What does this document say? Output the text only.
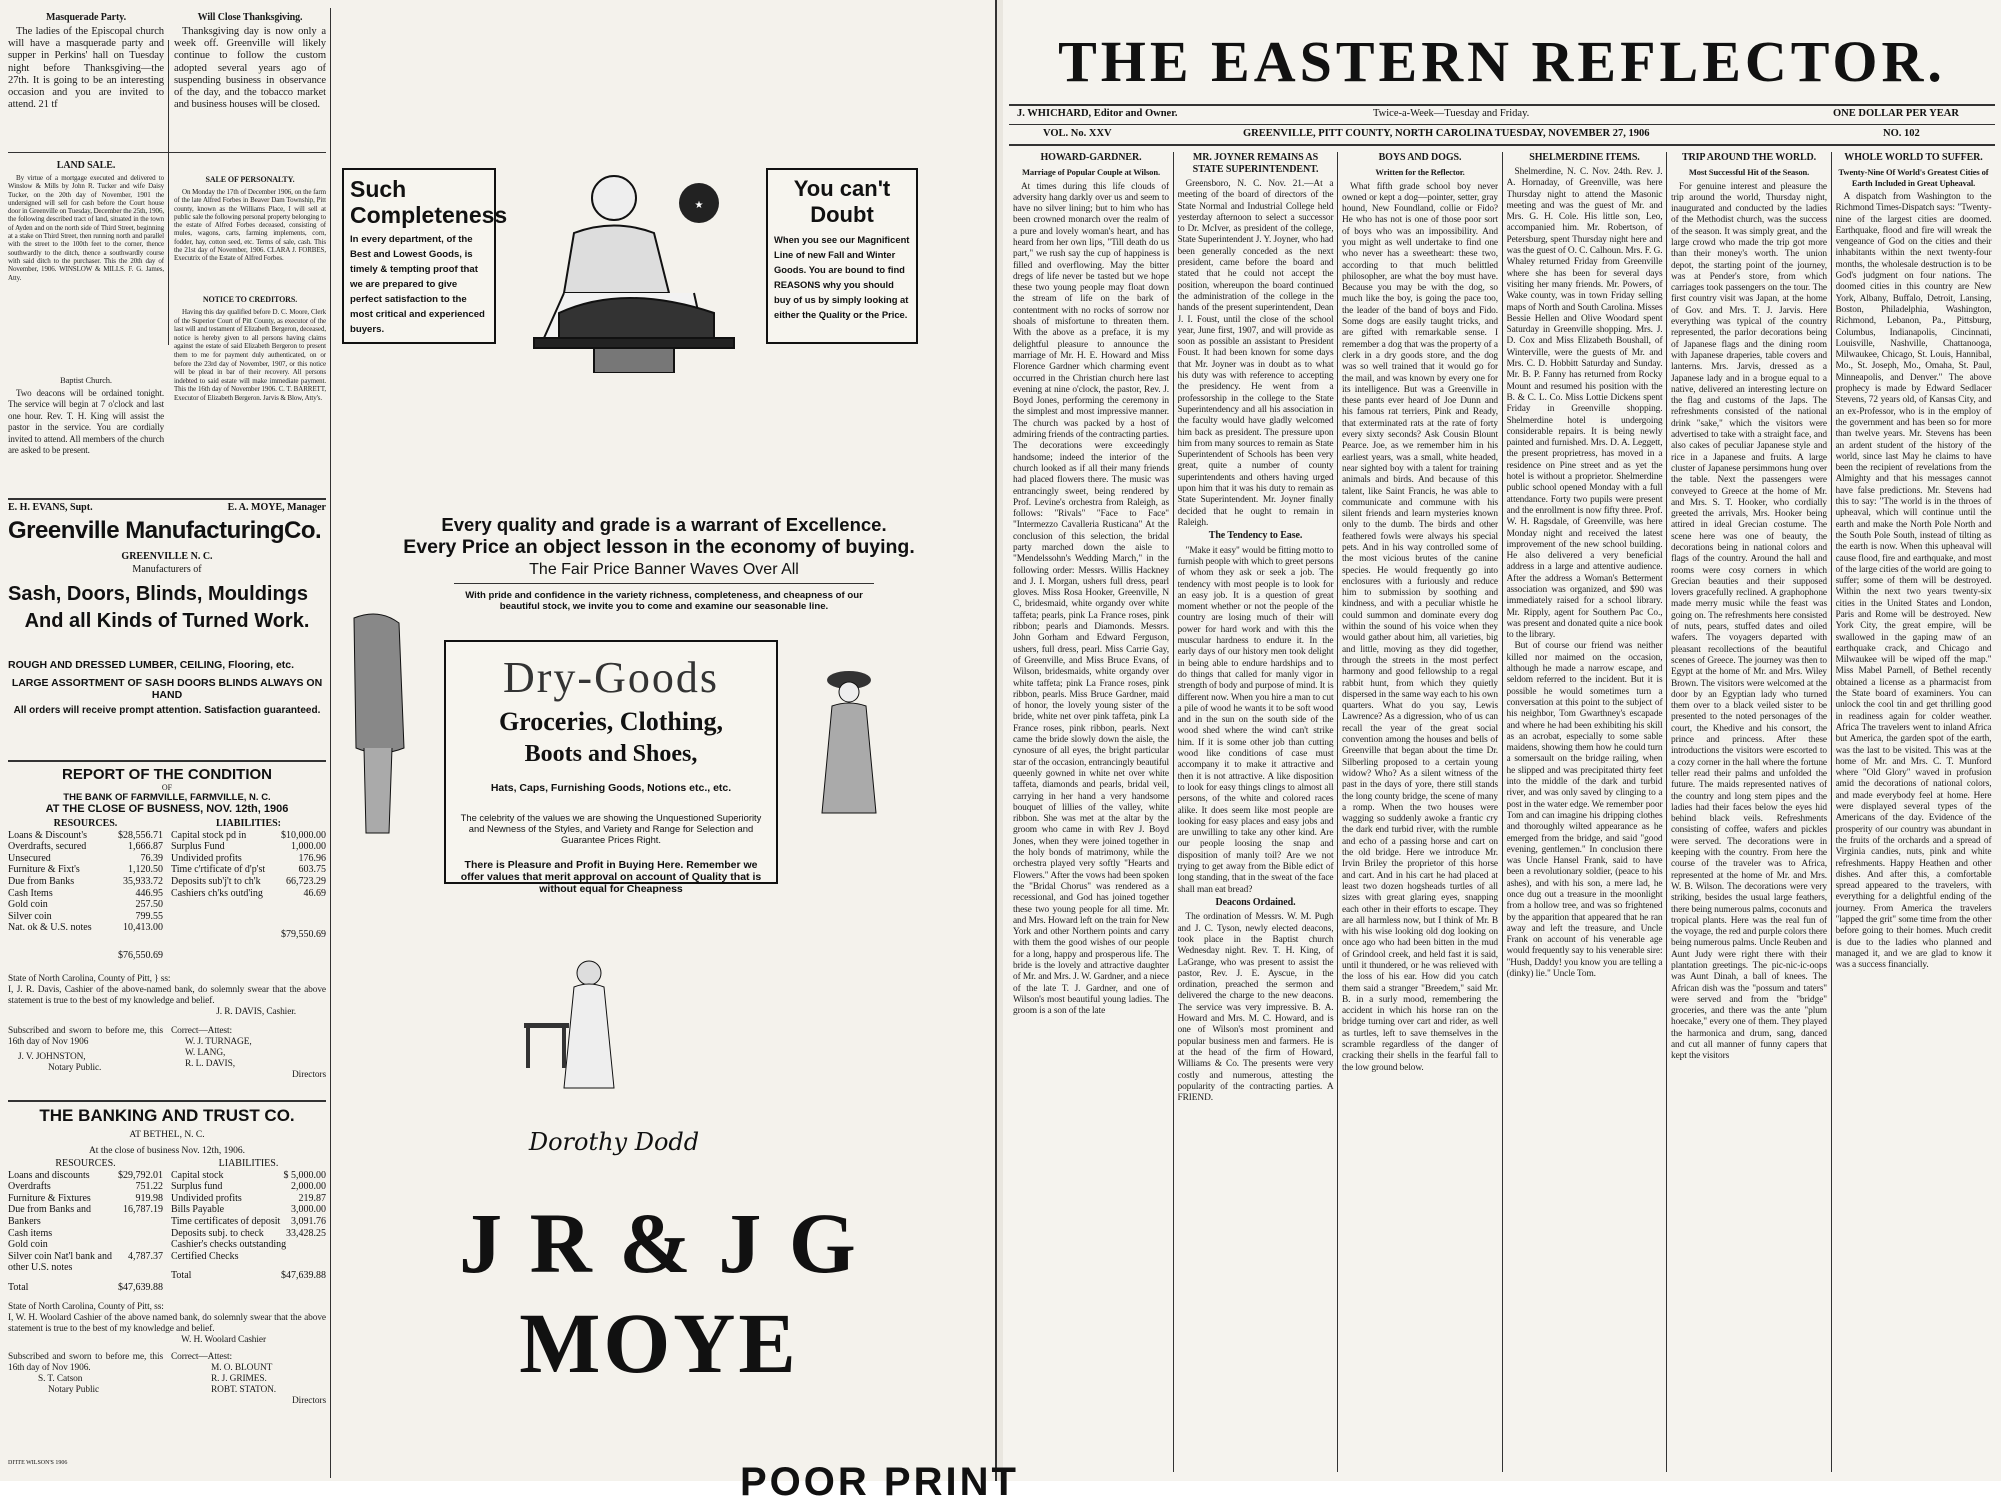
Masquerade Party.

The ladies of the Episcopal church will have a masquerade party and supper in Perkins' hall on Tuesday night before Thanksgiving—the 27th. It is going to be an interesting occasion and you are invited to attend. 21 tf

Will Close Thanksgiving.

Thanksgiving day is now only a week off. Greenville will likely continue to follow the custom adopted several years ago of suspending business in observance of the day, and the tobacco market and business houses will be closed.

LAND SALE.

By virtue of a mortgage executed and delivered to Winslow & Mills by John R. Tucker and wife Daisy Tucker, on the 20th day of November, 1901 the undersigned will sell for cash before the Court house door in Greenville on Tuesday, December the 25th, 1906, the following described tract of land, situated in the town of Ayden and on the north side of Third Street, beginning at a stake on Third Street, then running north and parallel with the street to the 100th feet to the corner, thence southwardly to the ditch, thence a southwardly course with said ditch to the purchaser. This the 20th day of November, 1906. WINSLOW & MILLS. F. G. James, Atty.

SALE OF PERSONALTY.

On Monday the 17th of December 1906, on the farm of the late Alfred Forbes in Beaver Dam Township, Pitt county, known as the Williams Place, I will sell at public sale the following personal property belonging to the estate of Alfred Forbes deceased, consisting of mules, wagons, carts, farming implements, corn, fodder, hay, cotton seed, etc. Terms of sale, cash. This the 21st day of November, 1906. CLARA J. FORBES, Executrix of the Estate of Alfred Forbes.

NOTICE TO CREDITORS.

Having this day qualified before D. C. Moore, Clerk of the Superior Court of Pitt County, as executor of the last will and testament of Elizabeth Bergeron, deceased, notice is hereby given to all persons having claims against the estate of said Elizabeth Bergeron to present them to me for payment duly authenticated, on or before the 23rd day of November, 1907, or this notice will be plead in bar of their recovery. All persons indebted to said estate will make immediate payment. This the 16th day of November 1906. C. T. BARRETT, Executor of Elizabeth Bergeron. Jarvis & Blow, Atty's.

Baptist Church.

Two deacons will be ordained tonight. The service will begin at 7 o'clock and last one hour. Rev. T. H. King will assist the pastor in the service. You are cordially invited to attend. All members of the church are asked to be present.

E. H. EVANS, Supt.	E. A. MOYE, Manager
Greenville ManufacturingCo.
GREENVILLE N. C.
Manufacturers of
Sash, Doors, Blinds, Mouldings
And all Kinds of Turned Work.
ROUGH AND DRESSED LUMBER, CEILING, Flooring, etc.
LARGE ASSORTMENT OF SASH DOORS BLINDS ALWAYS ON HAND
All orders will receive prompt attention. Satisfaction guaranteed.
REPORT OF THE CONDITION
OF
THE BANK OF FARMVILLE, FARMVILLE, N. C.
AT THE CLOSE OF BUSNESS, NOV. 12th, 1906
RESOURCES.
Loans & Discount's	$28,556.71
Overdrafts, secured	1,666.87
Unsecured	76.39
Furniture & Fixt's	1,120.50
Due from Banks	35,933.72
Cash Items	446.95
Gold coin	257.50
Silver coin	799.55
Nat. ok & U.S. notes	10,413.00
$76,550.69
LIABILITIES:
Capital stock pd in	$10,000.00
Surplus Fund	1,000.00
Undivided profits	176.96
Time c'rtificate of d'p'st	603.75
Deposits sub'j't to ch'k	66,723.29
Cashiers ch'ks outd'ing	46.69
$79,550.69
State of North Carolina, County of Pitt, } ss:
I, J. R. Davis, Cashier of the above-named bank, do solemnly swear that the above statement is true to the best of my knowledge and belief.
J. R. DAVIS, Cashier.
Subscribed and sworn to before me, this 16th day of Nov 1906
J. V. JOHNSTON,
Notary Public.
Correct—Attest:
W. J. TURNAGE,
W. LANG,
R. L. DAVIS,
Directors
THE BANKING AND TRUST CO.
AT BETHEL, N. C.
At the close of business Nov. 12th, 1906.
RESOURCES.
Loans and discounts	$29,792.01
Overdrafts	751.22
Furniture & Fixtures	919.98
Due from Banks and Bankers
16,787.19
Cash items
Gold coin
Silver coin Nat'l bank and other U.S. notes
4,787.37
Total	$47,639.88
LIABILITIES.
Capital stock	$ 5,000.00
Surplus fund	2,000.00
Undivided profits	219.87
Bills Payable	3,000.00
Time certificates of deposit 3,091.76
Deposits subj. to check 33,428.25
Cashier's checks outstanding
Certified Checks
Total	$47,639.88
State of North Carolina, County of Pitt, ss:
I, W. H. Woolard Cashier of the above named bank, do solemnly swear that the above statement is true to the best of my knowledge and belief.
W. H. Woolard Cashier
Subscribed and sworn to before me, this 16th day of Nov 1906.
S. T. Catson
Notary Public
Correct—Attest:
M. O. BLOUNT
R. J. GRIMES.
ROBT. STATON.
Directors
DI'ITE WILSON'S 1906
Such Completeness
In every department, of the Best and Lowest Goods, is timely & tempting proof that we are prepared to give perfect satisfaction to the most critical and experienced buyers.
★
You can't Doubt
When you see our Magnificent Line of new Fall and Winter Goods. You are bound to find REASONS why you should buy of us by simply looking at either the Quality or the Price.
Every quality and grade is a warrant of Excellence.
Every Price an object lesson in the economy of buying.
The Fair Price Banner Waves Over All
With pride and confidence in the variety richness, completeness, and cheapness of our beautiful stock, we invite you to come and examine our seasonable line.
Dry-Goods
Groceries, Clothing,
Boots and Shoes,
Hats, Caps, Furnishing Goods, Notions etc., etc.
The celebrity of the values we are showing the Unquestioned Superiority and Newness of the Styles, and Variety and Range for Selection and Guarantee Prices Right.
There is Pleasure and Profit in Buying Here. Remember we offer values that merit approval on account of Quality that is without equal for Cheapness
Dorothy Dodd
J R & J G MOYE
THE EASTERN REFLECTOR.
J. WHICHARD, Editor and Owner.	Twice-a-Week—Tuesday and Friday.	ONE DOLLAR PER YEAR
VOL. No. XXV	GREENVILLE, PITT COUNTY, NORTH CAROLINA TUESDAY, NOVEMBER 27, 1906	NO. 102
HOWARD-GARDNER.
Marriage of Popular Couple at Wilson.

At times during this life clouds of adversity hang darkly over us and seem to have no silver lining; but to him who has been crowned monarch over the realm of a pure and lovely woman's heart, and has heard from her own lips, "Till death do us part," we rush say the cup of happiness is filled and overflowing. May the bitter dregs of life never be tasted but we hope these two young people may float down the stream of life on the bark of contentment with no rocks of sorrow nor shoals of misfortune to threaten them. With the above as a preface, it is my delightful pleasure to announce the marriage of Mr. H. E. Howard and Miss Florence Gardner which charming event occurred in the Christian church here last evening at nine o'clock, the pastor, Rev. J. Boyd Jones, performing the ceremony in the simplest and most impressive manner. The church was packed by a host of admiring friends of the contracting parties. The decorations were exceedingly handsome; indeed the interior of the church looked as if all their many friends had placed flowers there. The music was entrancingly sweet, being rendered by Prof. Levine's orchestra from Raleigh, as follows: "Rivals" "Face to Face" "Intermezzo Cavalleria Rusticana" At the conclusion of this selection, the bridal party marched down the aisle to "Mendelssohn's Wedding March," in the following order: Messrs. Willis Hackney and J. I. Morgan, ushers full dress, pearl gloves. Miss Rosa Hooker, Greenville, N C, bridesmaid, white organdy over white taffeta; pearls, pink La France roses, pink ribbon; pearls and Diamonds. Messrs. John Gorham and Edward Ferguson, ushers, full dress, pearl. Miss Carrie Gay, of Greenville, and Miss Bruce Evans, of Wilson, bridesmaids, white organdy over white taffeta; pink La France roses, pink ribbon, pearls. Miss Bruce Gardner, maid of honor, the lovely young sister of the bride, white net over pink taffeta, pink La France roses, pink ribbon, pearls. Next came the bride slowly down the aisle, the cynosure of all eyes, the bright particular star of the occasion, entrancingly beautiful queenly gowned in white net over white taffeta, diamonds and pearls, bridal veil, carrying in her hand a very handsome bouquet of lillies of the valley, white ribbon. She was met at the altar by the groom who came in with Rev J. Boyd Jones, when they were joined together in the holy bonds of matrimony, while the orchestra played very softly "Hearts and Flowers." After the vows had been spoken the "Bridal Chorus" was rendered as a recessional, and God has joined together these two young people for all time. Mr. and Mrs. Howard left on the train for New York and other Northern points and carry with them the good wishes of our people for a long, happy and prosperous life. The bride is the lovely and attractive daughter of Mr. and Mrs. J. W. Gardner, and a niece of the late T. J. Gardner, and one of Wilson's most beautiful young ladies. The groom is a son of the late

MR. JOYNER REMAINS AS STATE SUPERINTENDENT.

Greensboro, N. C. Nov. 21.—At a meeting of the board of directors of the State Normal and Industrial College held yesterday afternoon to select a successor to Dr. McIver, as president of the college, State Superintendent J. Y. Joyner, who had been generally conceded as the next president, came before the board and stated that he could not accept the position, whereupon the board continued the administration of the college in the hands of the present superintendent, Dean J. I. Foust, until the close of the school year, June first, 1907, and will provide as soon as possible an assistant to President Foust. It had been known for some days that Mr. Joyner was in doubt as to what his duty was with reference to accepting the presidency. He went from a professorship in the college to the State Superintendency and all his association in the faculty would have gladly welcomed him back as president. The pressure upon him from many sources to remain as State Superintendent of Schools has been very great, quite a number of county superintendents and others having urged upon him that it was his duty to remain as State Superintendent. Mr. Joyner finally decided that he ought to remain in Raleigh.

The Tendency to Ease.

"Make it easy" would be fitting motto to furnish people with which to greet persons of whom they ask or seek a job. The tendency with most people is to look for an easy job. It is a question of great moment whether or not the people of the country are losing much of their will power for hard work and with this the muscular hardness to endure it. In the early days of our history men took delight in being able to endure hardships and to do things that called for manly vigor in strength of body and purpose of mind. It is different now. When you hire a man to cut a pile of wood he wants it to be soft wood and in the sun on the south side of the wood shed where the wind can't strike him. If it is some other job than cutting wood like conditions of case must accompany it to make it attractive and then it is not attractive. A like disposition to look for easy things clings to almost all persons, of the white and colored races alike. It does seem like most people are looking for easy places and easy jobs and are unwilling to take any other kind. Are our people loosing the snap and disposition of manly toil? Are we not trying to get away from the Bible edict of long standing, that in the sweat of the face shall man eat bread?

Deacons Ordained.

The ordination of Messrs. W. M. Pugh and J. C. Tyson, newly elected deacons, took place in the Baptist church Wednesday night. Rev. T. H. King, of LaGrange, who was present to assist the pastor, Rev. J. E. Ayscue, in the ordination, preached the sermon and delivered the charge to the new deacons. The service was very impressive. B. A. Howard and Mrs. M. C. Howard, and is one of Wilson's most prominent and popular business men and farmers. He is at the head of the firm of Howard, Williams & Co. The presents were very costly and numerous, attesting the popularity of the contracting parties. A FRIEND.

BOYS AND DOGS.
Written for the Reflector.

What fifth grade school boy never owned or kept a dog—pointer, setter, gray hound, New Foundland, collie or Fido? He who has not is one of those poor sort of boys who was an impossibility. And you might as well undertake to find one who never has a sweetheart: these two, according to that much belittled philosopher, are what the boy must have. Because you may be with the dog, so much like the boy, is going the pace too, the leader of the band of boys and Fido. Some dogs are easily taught tricks, and are gifted with remarkable sense. I remember a dog that was the property of a clerk in a dry goods store, and the dog was so well trained that it would go for the mail, and was known by every one for its intelligence. But was a Greenville in these pants ever heard of Joe Dunn and his famous rat terriers, Pink and Ready, that exterminated rats at the rate of forty every sixty seconds? Ask Cousin Blount Pearce. Joe, as we remember him in his earliest years, was a small, white headed, near sighted boy with a talent for training animals and birds. And because of this talent, like Saint Francis, he was able to communicate and commune with his silent friends and learn mysteries known only to the dumb. The birds and other feathered fowls were always his special pets. And in his way controlled some of the most vicious brutes of the canine species. He would frequently go into enclosures with a furiously and reduce him to submission by soothing and kindness, and with a peculiar whistle he could summon and dominate every dog within the sound of his voice when they would gather about him, all varieties, big and little, moving as they did together, through the streets in the most perfect harmony and good fellowship to a regal rabbit hunt, from which they quietly dispersed in the same way each to his own quarters. What do you say, Lewis Lawrence? As a digression, who of us can recall the year of the great social convention among the houses and bells of Greenville that began about the time Dr. Silberling proposed to a certain young widow? Who? As a silent witness of the past in the days of yore, there still stands the long county bridge, the scene of many a romp. When the two houses were wagging so suddenly awoke a frantic cry the dark end turbid river, with the rumble and echo of a passing horse and cart on the old bridge. Here we introduce Mr. Irvin Briley the proprietor of this horse and cart. And in his cart he had placed at least two dozen hogsheads turtles of all sizes with great glaring eyes, snapping each other in their efforts to escape. They are all harmless now, but I think of Mr. B with his wise looking old dog looking on once ago who had been bitten in the mud of Grindool creek, and held fast it is said, until it thundered, or he was relieved with the loss of his ear. How did you catch them said a stranger "Breedem," said Mr. B. in a surly mood, remembering the accident in which his horse ran on the bridge turning over cart and rider, as well as turtles, left to save themselves in the scramble regardless of the danger of cracking their shells in the fearful fall to the low ground below.

SHELMERDINE ITEMS.

Shelmerdine, N. C. Nov. 24th. Rev. J. A. Hornaday, of Greenville, was here Thursday night to attend the Masonic meeting and was the guest of Mr. and Mrs. G. H. Cole. His little son, Leo, accompanied him. Mr. Robertson, of Petersburg, spent Thursday night here and was the guest of O. C. Calhoun. Mrs. F. G. Whaley returned Friday from Greenville where she has been for several days visiting her many friends. Mr. Powers, of Wake county, was in town Friday selling maps of North and South Carolina. Misses Bessie Hellen and Olive Woodard spent Saturday in Greenville shopping. Mrs. J. D. Cox and Miss Elizabeth Boushall, of Winterville, were the guests of Mr. and Mrs. C. D. Hobbitt Saturday and Sunday. Mr. B. P. Fanny has returned from Rocky Mount and resumed his position with the B. & C. L. Co. Miss Lottie Dickens spent Friday in Greenville shopping. Shelmerdine hotel is undergoing considerable repairs. It is being newly painted and furnished. Mrs. D. A. Leggett, the present proprietress, has moved in a residence on Pine street and as yet the hotel is without a proprietor. Shelmerdine public school opened Monday with a full attendance. Forty two pupils were present and the enrollment is now fifty three. Prof. W. H. Ragsdale, of Greenville, was here Monday night and received the latest improvement of the new school building. He also delivered a very beneficial address in a large and attentive audience. After the address a Woman's Betterment association was organized, and $90 was immediately raised for a school library. Mr. Ripply, agent for Southern Pac Co., was present and donated quite a nice book to the library.

But of course our friend was neither killed nor maimed on the occasion, although he made a narrow escape, and seldom referred to the incident. But it is possible he would sometimes turn a conversation at this point to the subject of his neighbor, Tom Gwarthney's escapade and where he had been exhibiting his skill as an acrobat, especially to some sable maidens, showing them how he could turn a somersault on the bridge railing, when he slipped and was precipitated thirty feet into the middle of the dark and turbid river, and was only saved by clinging to a post in the water edge. We remember poor Tom and can imagine his dripping clothes and thoroughly wilted appearance as he emerged from the bridge, and said "good evening, gentlemen." In conclusion there was Uncle Hansel Frank, said to have been a revolutionary soldier, (peace to his ashes), and with his son, a mere lad, he once dug out a treasure in the moonlight from a hollow tree, and was so frightened by the apparition that appeared that he ran away and left the treasure, and Uncle Frank on account of his venerable age would frequently say to his venerable sire: "Hush, Daddy! you know you are telling a (dinky) lie." Uncle Tom.

TRIP AROUND THE WORLD.
Most Successful Hit of the Season.

For genuine interest and pleasure the trip around the world, Thursday night, inaugurated and conducted by the ladies of the Methodist church, was the success of the season. It was simply great, and the large crowd who made the trip got more than their money's worth. The union depot, the starting point of the journey, was at Pender's store, from which carriages took passengers on the tour. The first country visit was Japan, at the home of Gov. and Mrs. T. J. Jarvis. Here everything was typical of the country represented, the parlor decorations being of Japanese flags and the dining room with Japanese draperies, table covers and lanterns. Mrs. Jarvis, dressed as a Japanese lady and in a brogue equal to a native, delivered an interesting lecture on the flag and customs of the Japs. The refreshments consisted of the national drink "sake," which the visitors were advertised to take with a straight face, and also cakes of peculiar Japanese style and rice in a Japanese and fruits. A large cluster of Japanese persimmons hung over the table. Next the passengers were conveyed to Greece at the home of Mr. and Mrs. S. T. Hooker, who cordially greeted the arrivals, Mrs. Hooker being attired in ideal Grecian costume. The scene here was one of beauty, the decorations being in national colors and flags of the country. Around the hall and rooms were cosy corners in which Grecian beauties and their supposed lovers gracefully reclined. A graphophone made merry music while the feast was going on. The refreshments here consisted of nuts, pears, stuffed dates and oiled wafers. The voyagers departed with pleasant recollections of the beautiful scenes of Greece. The journey was then to Egypt at the home of Mr. and Mrs. Wiley Brown. The visitors were welcomed at the door by an Egyptian lady who turned them over to a black veiled sister to be presented to the noted personages of the court, the Khedive and his consort, the prince and princess. After these introductions the visitors were escorted to a cozy corner in the hall where the fortune teller read their palms and unfolded the future. The maids represented natives of the country and long stem pipes and the ladies had their faces below the eyes hid behind black veils. Refreshments consisting of coffee, wafers and pickles were served. The decorations were in keeping with the country. From here the course of the traveler was to Africa, represented at the home of Mr. and Mrs. W. B. Wilson. The decorations were very striking, besides the usual large feathers, there being numerous palms, coconuts and tropical plants. Here was the real fun of the voyage, the red and purple colors there being numerous palms. Uncle Reuben and Aunt Judy were right there with their plantation greetings. The pic-nic-ic-oops was Aunt Dinah, a ball of knees. The African dish was the "possum and taters" were served and from the "bridge" groceries, and there was the ante "plum hoecake," every one of them. They played the harmonica and drum, sang, danced and cut all manner of funny capers that kept the visitors

WHOLE WORLD TO SUFFER.
Twenty-Nine Of World's Greatest Cities of Earth Included in Great Upheaval.

A dispatch from Washington to the Richmond Times-Dispatch says: "Twenty-nine of the largest cities are doomed. Earthquake, flood and fire will wreak the vengeance of God on the cities and their inhabitants within the next twenty-four months, the wholesale destruction is to be God's judgment on four nations. The doomed cities in this country are New York, Albany, Buffalo, Detroit, Lansing, Boston, Philadelphia, Washington, Richmond, Lebanon, Pa., Pittsburg, Columbus, Indianapolis, Cincinnati, Louisville, Nashville, Chattanooga, Milwaukee, Chicago, St. Louis, Hannibal, Mo., St. Joseph, Mo., Omaha, St. Paul, Minneapolis, and Denver." The above prophecy is made by Edward Sedlacer Stevens, 72 years old, of Kansas City, and an ex-Professor, who is in the employ of the government and has been so for more than twelve years. Mr. Stevens has been an ardent student of the history of the world, since last May he claims to have been the recipient of revelations from the Almighty and that his messages cannot have false predictions. Mr. Stevens had this to say: "The world is in the throes of upheaval, which will continue until the earth and make the North Pole North and the South Pole South, instead of tilting as the earth is now. When this upheaval will cause flood, fire and earthquake, and most of the large cities of the world are going to suffer; some of them will be destroyed. Within the next two years twenty-six cities in the United States and London, Paris and Rome will be destroyed. New York City, the great empire, will be swallowed in the gaping maw of an earthquake crack, and Chicago and Milwaukee will be wiped off the map." Miss Mabel Parnell, of Bethel recently obtained a license as a pharmacist from the State board of examiners. You can unlock the cool tin and get thrilling good in readiness again for colder weather. Africa The travelers went to inland Africa but America, the garden spot of the earth, was the last to be visited. This was at the home of Mr. and Mrs. C. T. Munford where "Old Glory" waved in profusion amid the decorations of national colors, and made everybody feel at home. Here were displayed several types of the Americans of the day. Evidence of the prosperity of our country was abundant in the fruits of the orchards and a spread of Virginia candies, nuts, pink and white refreshments. Happy Heathen and other dishes. And after this, a comfortable spread appeared to the travelers, with everything for a delightful ending of the journey. From America the travelers "lapped the grit" some time from the other before going to their homes. Much credit is due to the ladies who planned and managed it, and we are glad to know it was a success financially.

POOR PRINT
